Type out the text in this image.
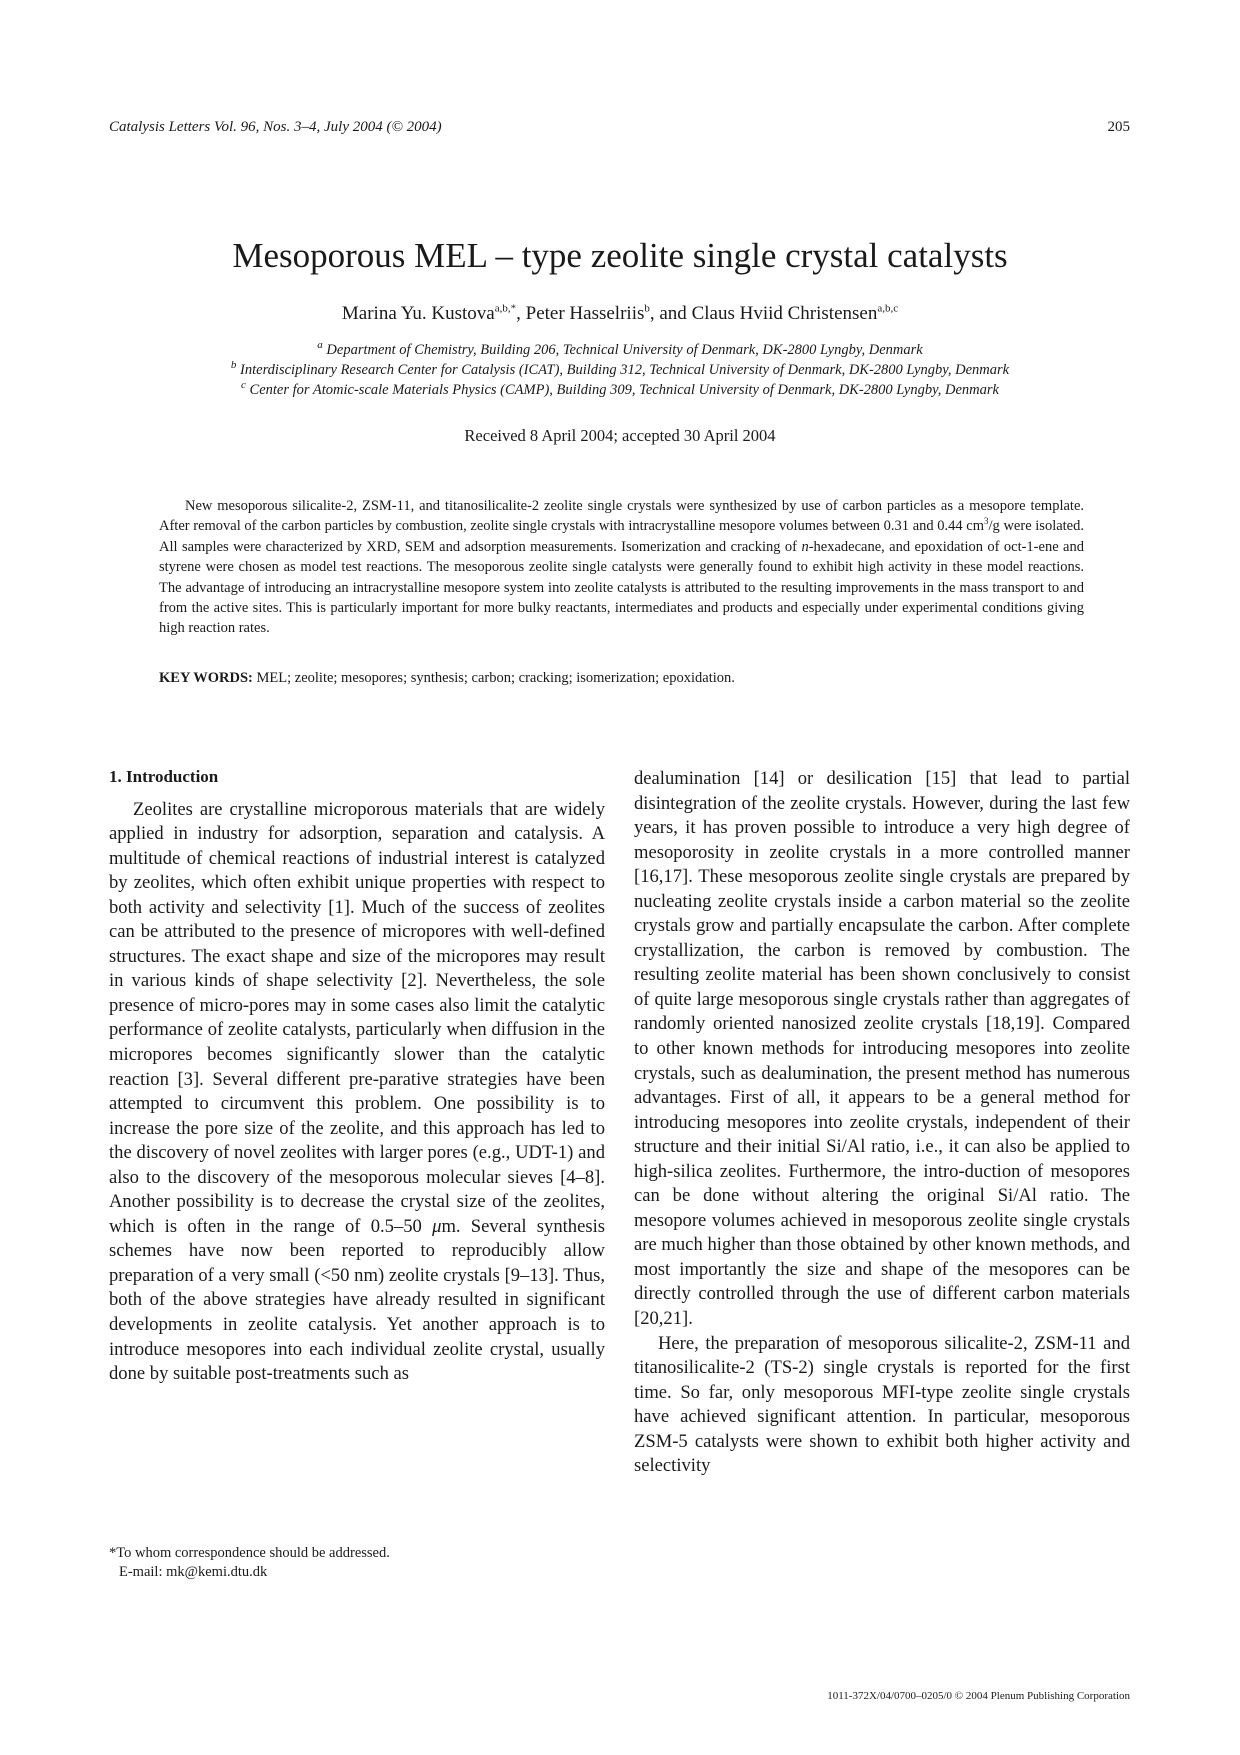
Catalysis Letters Vol. 96, Nos. 3–4, July 2004 (© 2004)	205
Mesoporous MEL – type zeolite single crystal catalysts
Marina Yu. Kustova$^{a,b,*}$, Peter Hasselriis$^b$, and Claus Hviid Christensen$^{a,b,c}$

$^a$ Department of Chemistry, Building 206, Technical University of Denmark, DK-2800 Lyngby, Denmark

$^b$ Interdisciplinary Research Center for Catalysis (ICAT), Building 312, Technical University of Denmark, DK-2800 Lyngby, Denmark

$^c$ Center for Atomic-scale Materials Physics (CAMP), Building 309, Technical University of Denmark, DK-2800 Lyngby, Denmark

Received 8 April 2004; accepted 30 April 2004

New mesoporous silicalite-2, ZSM-11, and titanosilicalite-2 zeolite single crystals were synthesized by use of carbon particles as a mesopore template. After removal of the carbon particles by combustion, zeolite single crystals with intracrystalline mesopore volumes between 0.31 and 0.44 $cm^3/g$ were isolated. All samples were characterized by XRD, SEM and adsorption measurements. Isomerization and cracking of n-hexadecane, and epoxidation of oct-1-ene and styrene were chosen as model test reactions. The mesoporous zeolite single catalysts were generally found to exhibit high activity in these model reactions. The advantage of introducing an intracrystalline mesopore system into zeolite catalysts is attributed to the resulting improvements in the mass transport to and from the active sites. This is particularly important for more bulky reactants, intermediates and products and especially under experimental conditions giving high reaction rates.

KEY WORDS: MEL; zeolite; mesopores; synthesis; carbon; cracking; isomerization; epoxidation.

1. Introduction

Zeolites are crystalline microporous materials that are widely applied in industry for adsorption, separation and catalysis. A multitude of chemical reactions of industrial interest is catalyzed by zeolites, which often exhibit unique properties with respect to both activity and selectivity [1]. Much of the success of zeolites can be attributed to the presence of micropores with well-defined structures. The exact shape and size of the micropores may result in various kinds of shape selectivity [2]. Nevertheless, the sole presence of micro-pores may in some cases also limit the catalytic performance of zeolite catalysts, particularly when diffusion in the micropores becomes significantly slower than the catalytic reaction [3]. Several different pre-parative strategies have been attempted to circumvent this problem. One possibility is to increase the pore size of the zeolite, and this approach has led to the discovery of novel zeolites with larger pores (e.g., UDT-1) and also to the discovery of the mesoporous molecular sieves [4–8]. Another possibility is to decrease the crystal size of the zeolites, which is often in the range of 0.5–50 μm. Several synthesis schemes have now been reported to reproducibly allow preparation of a very small (<50 nm) zeolite crystals [9–13]. Thus, both of the above strategies have already resulted in significant developments in zeolite catalysis. Yet another approach is to introduce mesopores into each individual zeolite crystal, usually done by suitable post-treatments such as

dealumination [14] or desilication [15] that lead to partial disintegration of the zeolite crystals. However, during the last few years, it has proven possible to introduce a very high degree of mesoporosity in zeolite crystals in a more controlled manner [16,17]. These mesoporous zeolite single crystals are prepared by nucleating zeolite crystals inside a carbon material so the zeolite crystals grow and partially encapsulate the carbon. After complete crystallization, the carbon is removed by combustion. The resulting zeolite material has been shown conclusively to consist of quite large mesoporous single crystals rather than aggregates of randomly oriented nanosized zeolite crystals [18,19]. Compared to other known methods for introducing mesopores into zeolite crystals, such as dealumination, the present method has numerous advantages. First of all, it appears to be a general method for introducing mesopores into zeolite crystals, independent of their structure and their initial Si/Al ratio, i.e., it can also be applied to high-silica zeolites. Furthermore, the intro-duction of mesopores can be done without altering the original Si/Al ratio. The mesopore volumes achieved in mesoporous zeolite single crystals are much higher than those obtained by other known methods, and most importantly the size and shape of the mesopores can be directly controlled through the use of different carbon materials [20,21].

Here, the preparation of mesoporous silicalite-2, ZSM-11 and titanosilicalite-2 (TS-2) single crystals is reported for the first time. So far, only mesoporous MFI-type zeolite single crystals have achieved significant attention. In particular, mesoporous ZSM-5 catalysts were shown to exhibit both higher activity and selectivity

*To whom correspondence should be addressed.
E-mail: mk@kemi.dtu.dk
1011-372X/04/0700–0205/0 © 2004 Plenum Publishing Corporation
